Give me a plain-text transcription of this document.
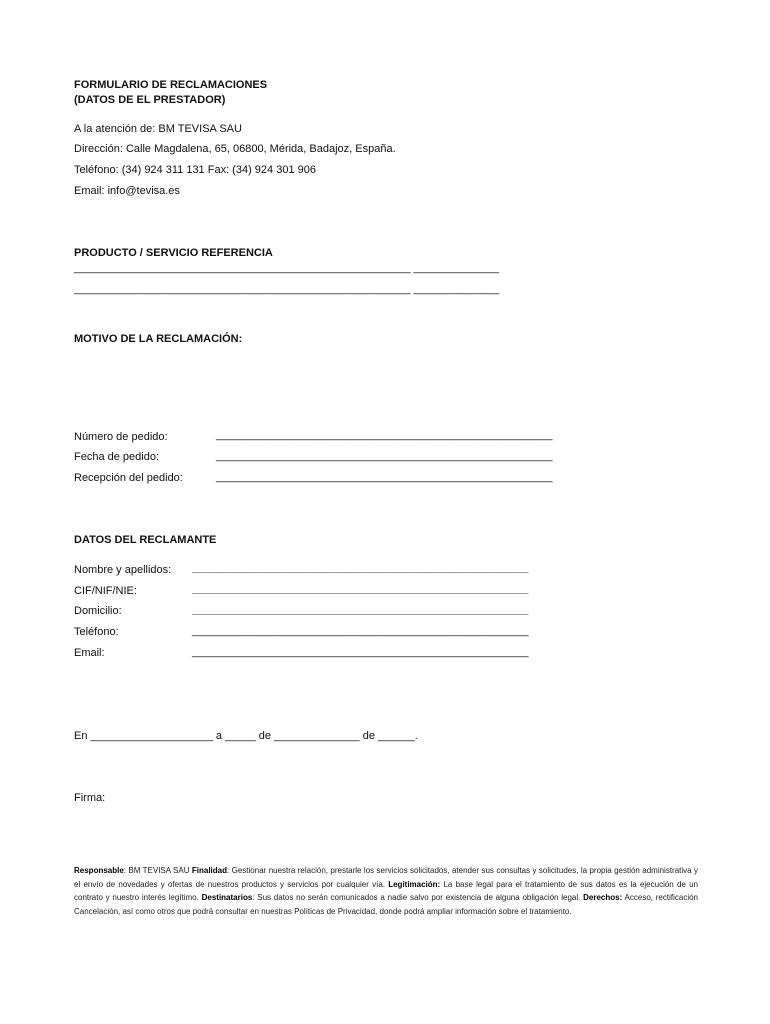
FORMULARIO DE RECLAMACIONES
(DATOS DE EL PRESTADOR)
A la atención de: BM TEVISA SAU
Dirección: Calle Magdalena, 65, 06800, Mérida, Badajoz, España.
Teléfono: (34) 924 311 131 Fax: (34) 924 301 906
Email: info@tevisa.es
PRODUCTO / SERVICIO REFERENCIA
_______________________________________________________ ______________
_______________________________________________________ ______________
MOTIVO DE LA RECLAMACIÓN:
Número de pedido:	_______________________________________________________
Fecha de pedido:	_______________________________________________________
Recepción del pedido:	_______________________________________________________
DATOS DEL RECLAMANTE
Nombre y apellidos: _______________________________________________________
CIF/NIF/NIE:	_______________________________________________________
Domicilio:	_______________________________________________________
Teléfono:	_______________________________________________________
Email:	_______________________________________________________
En ____________________ a _____ de ______________ de ______.
Firma:
Responsable: BM TEVISA SAU Finalidad: Gestionar nuestra relación, prestarle los servicios solicitados, atender sus consultas y solicitudes, la propia gestión administrativa y el envío de novedades y ofertas de nuestros productos y servicios por cualquier vía. Legitimación: La base legal para el tratamiento de sus datos es la ejecución de un contrato y nuestro interés legítimo. Destinatarios: Sus datos no serán comunicados a nadie salvo por existencia de alguna obligación legal. Derechos: Acceso, rectificación Cancelación, así como otros que podrá consultar en nuestras Políticas de Privacidad, donde podrá ampliar información sobre el tratamiento.
